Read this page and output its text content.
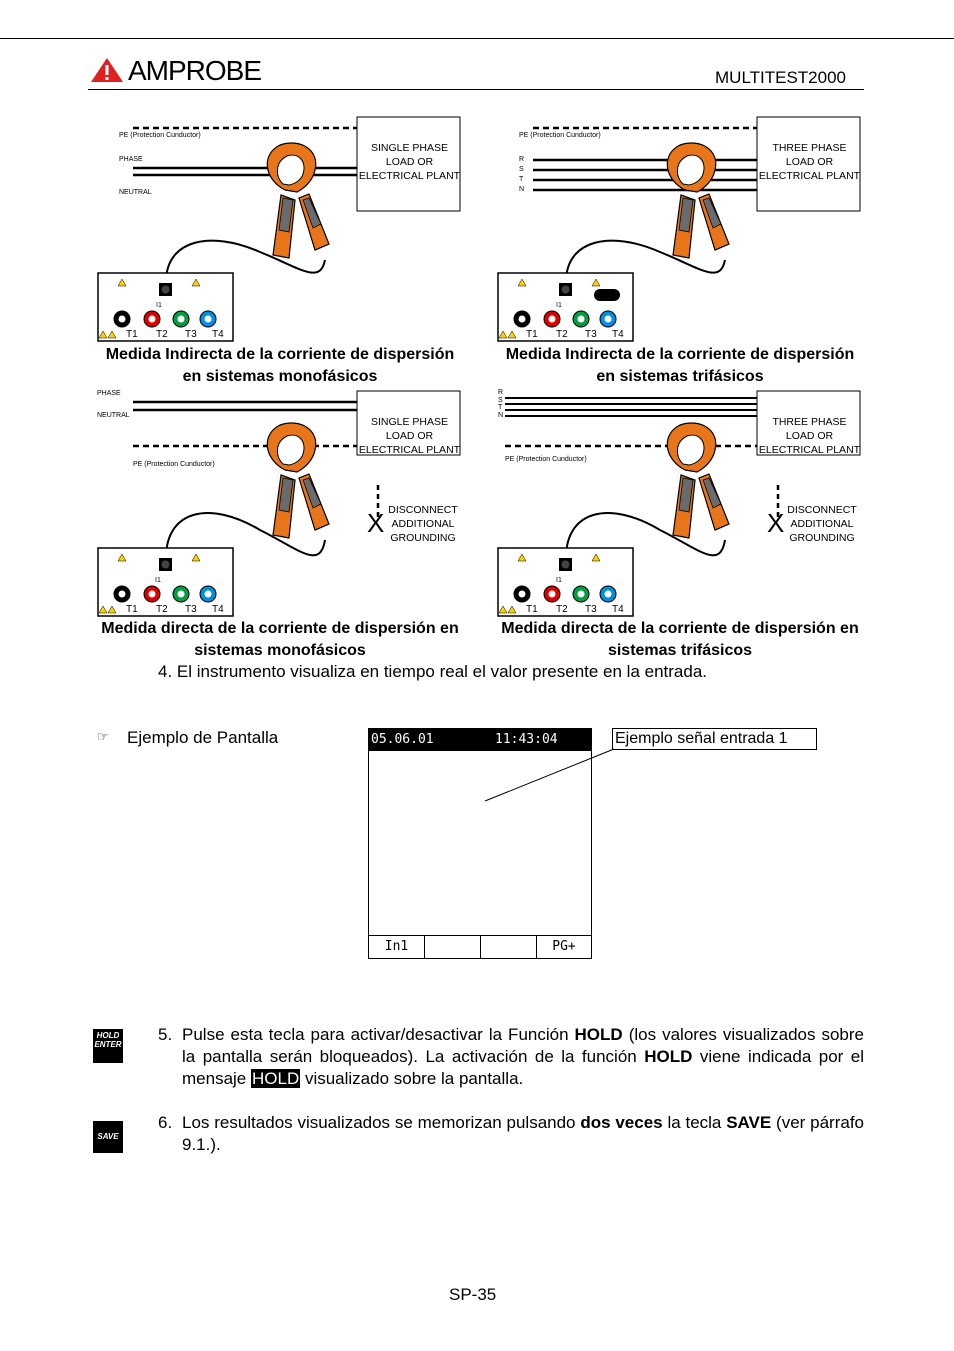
AMPROBE	MULTITEST2000
PE (Protection Cunductor)
PHASE
NEUTRAL
SINGLE PHASE
LOAD OR
ELECTRICAL PLANT
I1
T1 T2 T3 T4
Medida Indirecta de la corriente de dispersión
en sistemas monofásicos
PE (Protection Cunductor)
R
S
T
N
THREE PHASE
LOAD OR
ELECTRICAL PLANT
I1
T1 T2 T3 T4
Medida Indirecta de la corriente de dispersión
en sistemas trifásicos
PHASE
NEUTRAL
PE (Protection Cunductor)
SINGLE PHASE
LOAD OR
ELECTRICAL PLANT
X DISCONNECT
ADDITIONAL
GROUNDING
I1
T1 T2 T3 T4
Medida directa de la corriente de dispersión en
sistemas monofásicos
R
S
T
N
PE (Protection Cunductor)
THREE PHASE
LOAD OR
ELECTRICAL PLANT
X DISCONNECT
ADDITIONAL
GROUNDING
I1
T1 T2 T3 T4
Medida directa de la corriente de dispersión en
sistemas trifásicos
4. El instrumento visualiza en tiempo real el valor presente en la entrada.
☞ Ejemplo de Pantalla	05.06.01	11:43:04
In1	PG+
Ejemplo señal entrada 1
HOLD
ENTER
5. Pulse esta tecla para activar/desactivar la Función HOLD (los valores visualizados sobre la pantalla serán bloqueados). La activación de la función HOLD viene indicada por el mensaje HOLD visualizado sobre la pantalla.
SAVE
6. Los resultados visualizados se memorizan pulsando dos veces la tecla SAVE (ver párrafo 9.1.).
SP-35
